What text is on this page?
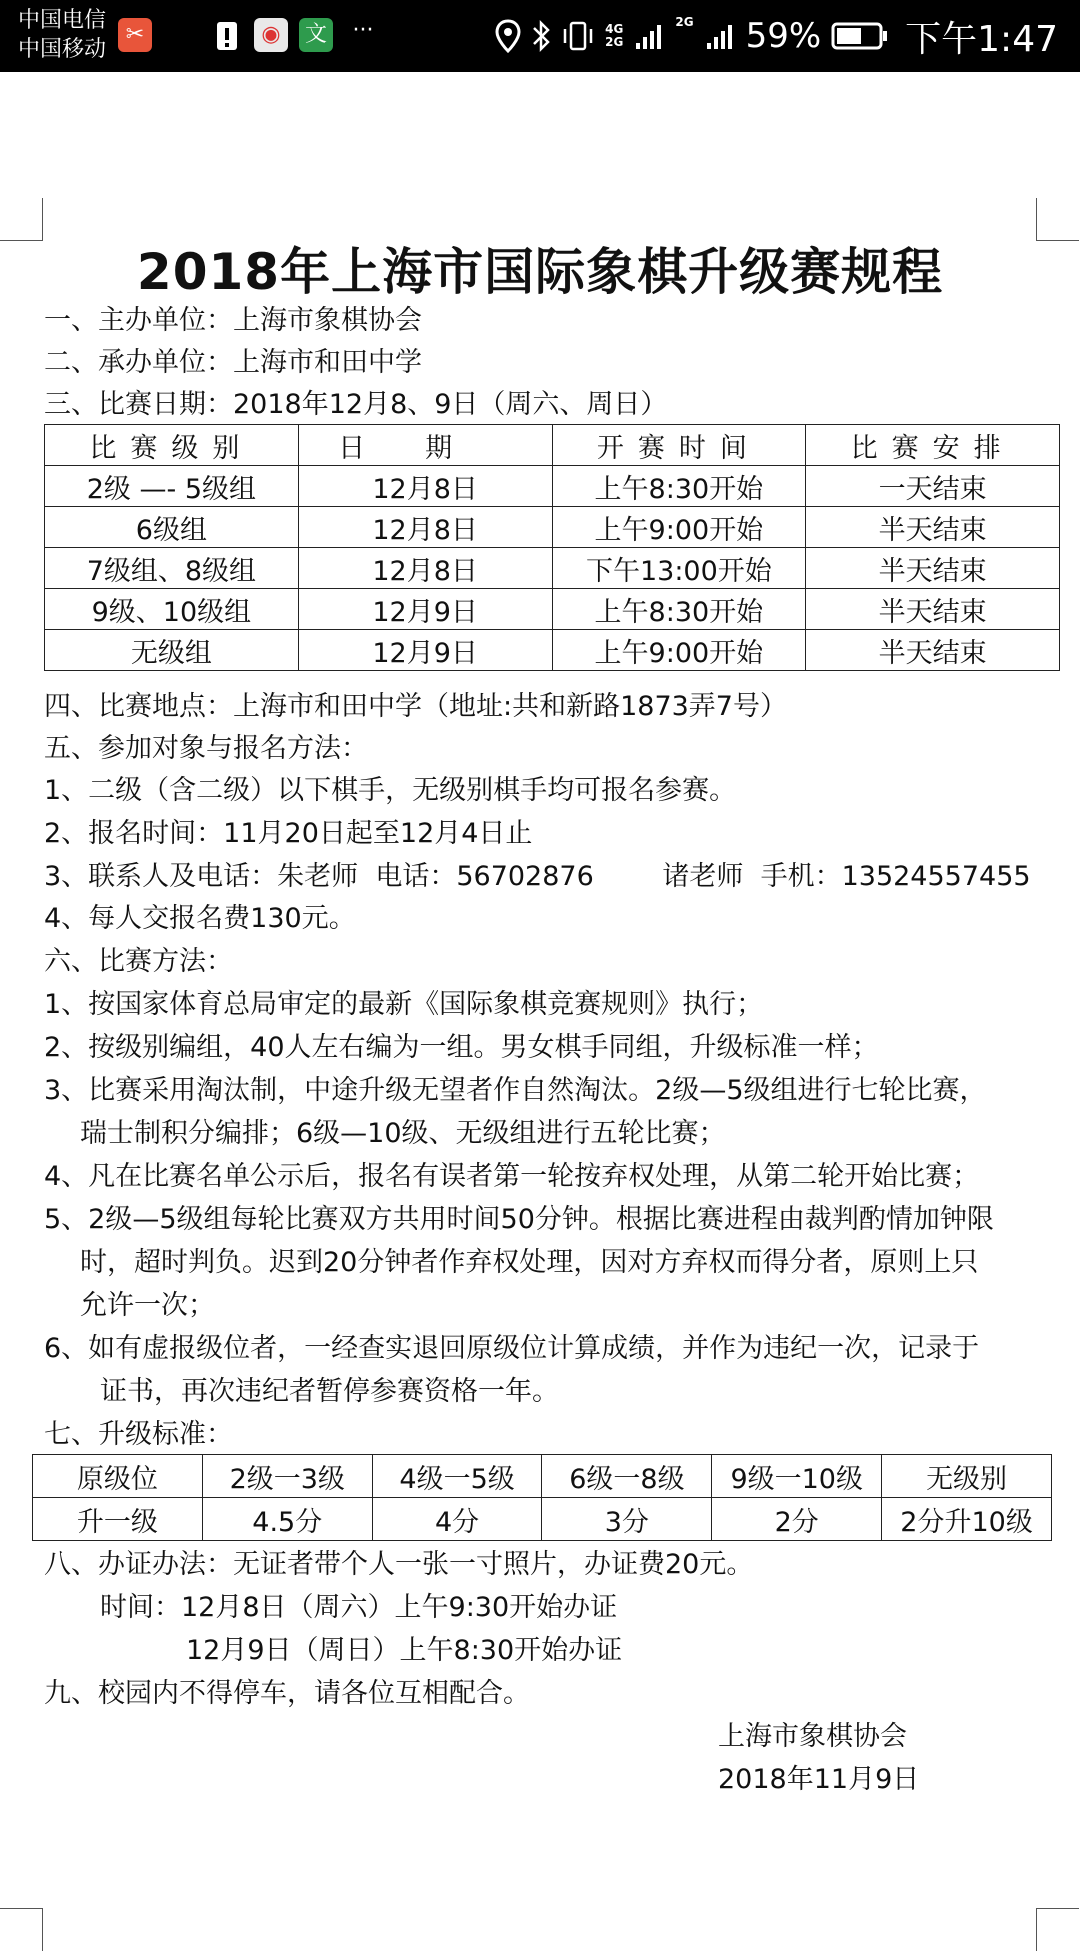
中国电信
中国移动
✂	◉	文 ···	4G
2G
2G 59% 下午1:47
2018年上海市国际象棋升级赛规程
一、主办单位：上海市象棋协会
二、承办单位：上海市和田中学
三、比赛日期：2018年12月8、9日（周六、周日）
比赛级别	日期	开赛时间	比赛安排
2级 —- 5级组	12月8日	上午8:30开始	一天结束
6级组	12月8日	上午9:00开始	半天结束
7级组、8级组	12月8日	下午13:00开始	半天结束
9级、10级组	12月9日	上午8:30开始	半天结束
无级组	12月9日	上午9:00开始	半天结束
四、比赛地点：上海市和田中学（地址:共和新路1873弄7号）
五、参加对象与报名方法：
1、二级（含二级）以下棋手，无级别棋手均可报名参赛。
2、报名时间：11月20日起至12月4日止
3、联系人及电话：朱老师  电话：56702876        诸老师  手机：13524557455
4、每人交报名费130元。
六、比赛方法：
1、按国家体育总局审定的最新《国际象棋竞赛规则》执行；
2、按级别编组，40人左右编为一组。男女棋手同组，升级标准一样；
3、比赛采用淘汰制，中途升级无望者作自然淘汰。2级—5级组进行七轮比赛，
瑞士制积分编排；6级—10级、无级组进行五轮比赛；
4、凡在比赛名单公示后，报名有误者第一轮按弃权处理，从第二轮开始比赛；
5、2级—5级组每轮比赛双方共用时间50分钟。根据比赛进程由裁判酌情加钟限
时，超时判负。迟到20分钟者作弃权处理，因对方弃权而得分者，原则上只
允许一次；
6、如有虚报级位者，一经查实退回原级位计算成绩，并作为违纪一次，记录于
证书，再次违纪者暂停参赛资格一年。
七、升级标准：
原级位	2级一3级	4级一5级	6级一8级	9级一10级	无级别
升一级	4.5分	4分	3分	2分	2分升10级
八、办证办法：无证者带个人一张一寸照片，办证费20元。
时间：12月8日（周六）上午9:30开始办证
12月9日（周日）上午8:30开始办证
九、校园内不得停车，请各位互相配合。
上海市象棋协会
2018年11月9日
